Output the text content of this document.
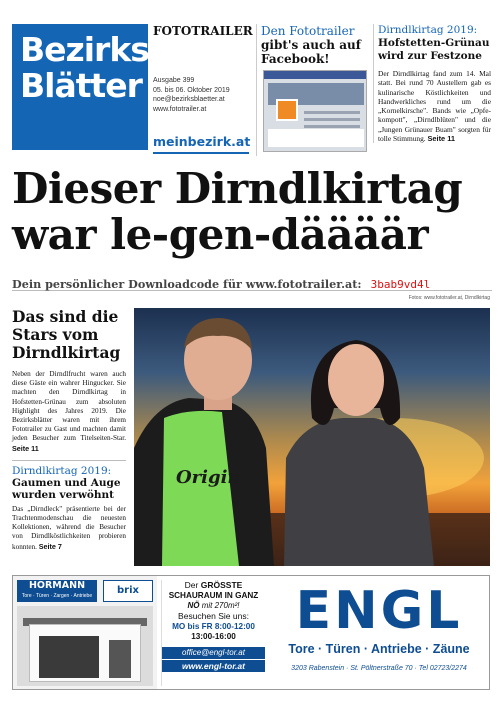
Bezirks
Blätter
FOTOTRAILER
Ausgabe 399
05. bis 06. Oktober 2019
noe@bezirksblaetter.at
www.fototrailer.at
meinbezirk.at
Den Fototrailer
gibt's auch auf
Facebook!
Dirndlkirtag 2019:
Hofstetten-Grünau
wird zur Festzone
Der Dirndlkirtag fand zum 14. Mal statt. Bei rund 70 Austellern gab es kulinarische Köstlichkeiten und Handwerkliches rund um die „Kornelkirsche". Bands wie „Opfe-kompott", „Dirndlblüten" und die „Jungen Grünauer Buam" sorgten für tolle Stimmung. Seite 11
Dieser Dirndlkirtag
war le-gen-däääär
Dein persönlicher Downloadcode für www.fototrailer.at: 3bab9vd4l
Fotos: www.fototrailer.at, Dirndlkirtag
Das sind die Stars vom Dirndlkirtag
Neben der Dirndlfrucht waren auch diese Gäste ein wahrer Hingucker. Sie machten den Dirndlkirtag in Hofstetten-Grünau zum absoluten Highlight des Jahres 2019. Die Bezirksblätter waren mit ihrem Fototrailer zu Gast und machten damit jeden Besucher zum Titelseiten-Star. Seite 11
Dirndlkirtag 2019:
Gaumen und Auge wurden verwöhnt
Das „Dirndleck" präsentierte bei der Trachtenmodenschau die neuesten Kollektionen, während die Besucher von Dirndlköstlichkeiten probieren konnten. Seite 7
Origin
HÖRMANN
Tore · Türen · Zargen · Antriebe	brix	Der GRÖSSTE
SCHAURAUM IN GANZ
NÖ mit 270m²!
Besuchen Sie uns:
MO bis FR 8:00-12:00
13:00-16:00
office@engl-tor.at
www.engl-tor.at
ENGL
Tore · Türen · Antriebe · Zäune
3203 Rabenstein · St. Pöltnerstraße 70 · Tel 02723/2274
